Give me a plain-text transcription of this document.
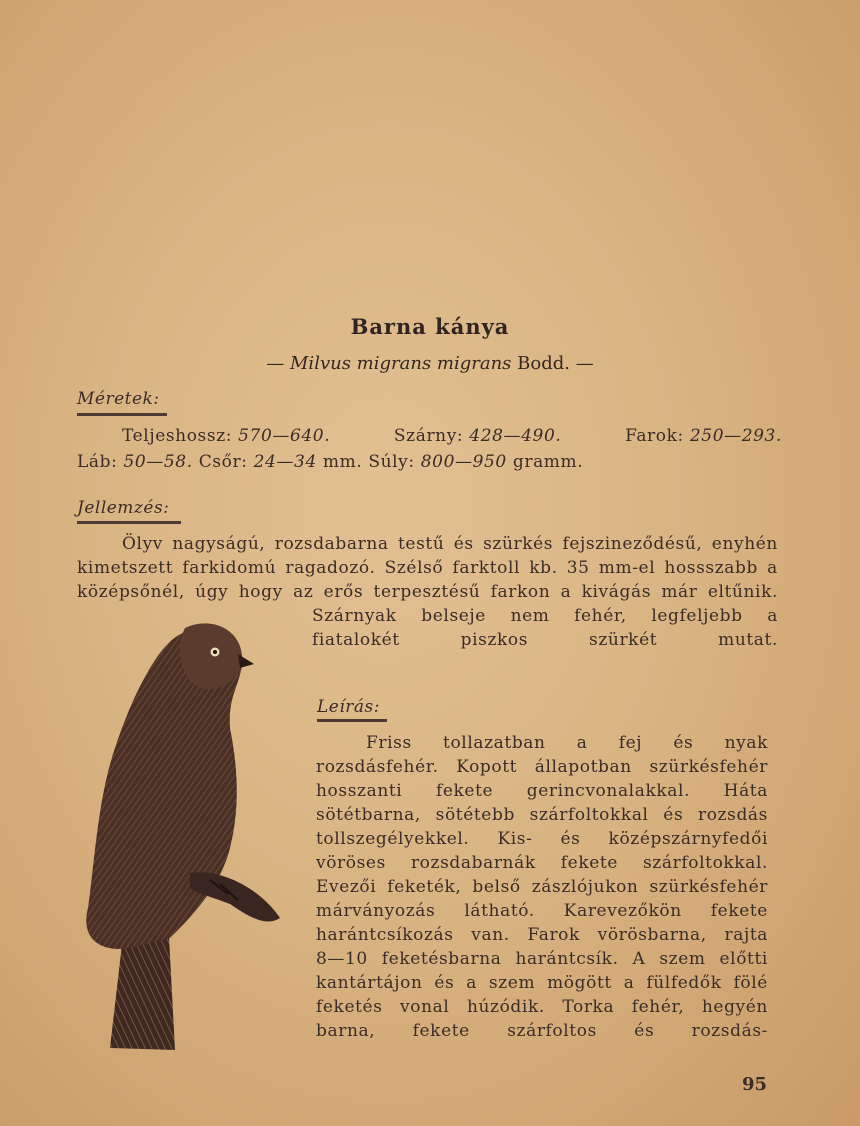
Barna kánya
— Milvus migrans migrans Bodd. —
Méretek:
Teljeshossz: 570—640.	Szárny: 428—490.	Farok: 250—293.
Láb: 50—58.
Csőr: 24—34 mm.
Súly: 800—950 gramm.
Jellemzés:
Ölyv nagyságú, rozsdabarna testű és szürkés fejszineződésű, enyhén
kimetszett farkidomú ragadozó. Szélső farktoll kb. 35 mm-el hossszabb a
középsőnél, úgy hogy az erős terpesztésű farkon a kivágás már eltűnik.
Szárnyak belseje nem fehér, legfeljebb a
fiatalokét	piszkos	szürkét	mutat.
Leírás:
Friss tollazatban a fej és nyak
rozsdásfehér. Kopott állapotban szürkésfehér
hosszanti fekete gerincvonalakkal. Háta
sötétbarna, sötétebb szárfoltokkal és rozsdás
tollszegélyekkel. Kis- és középszárnyfedői
vöröses rozsdabarnák fekete szárfoltokkal.
Evezői feketék, belső zászlójukon szürkésfehér
márványozás látható. Karevezőkön fekete
harántcsíkozás van. Farok vörösbarna, rajta
8—10 feketésbarna harántcsík. A szem előtti
kantártájon és a szem mögött a fülfedők fölé
feketés vonal húzódik. Torka fehér, hegyén
barna, fekete szárfoltos és rozsdás-
95
